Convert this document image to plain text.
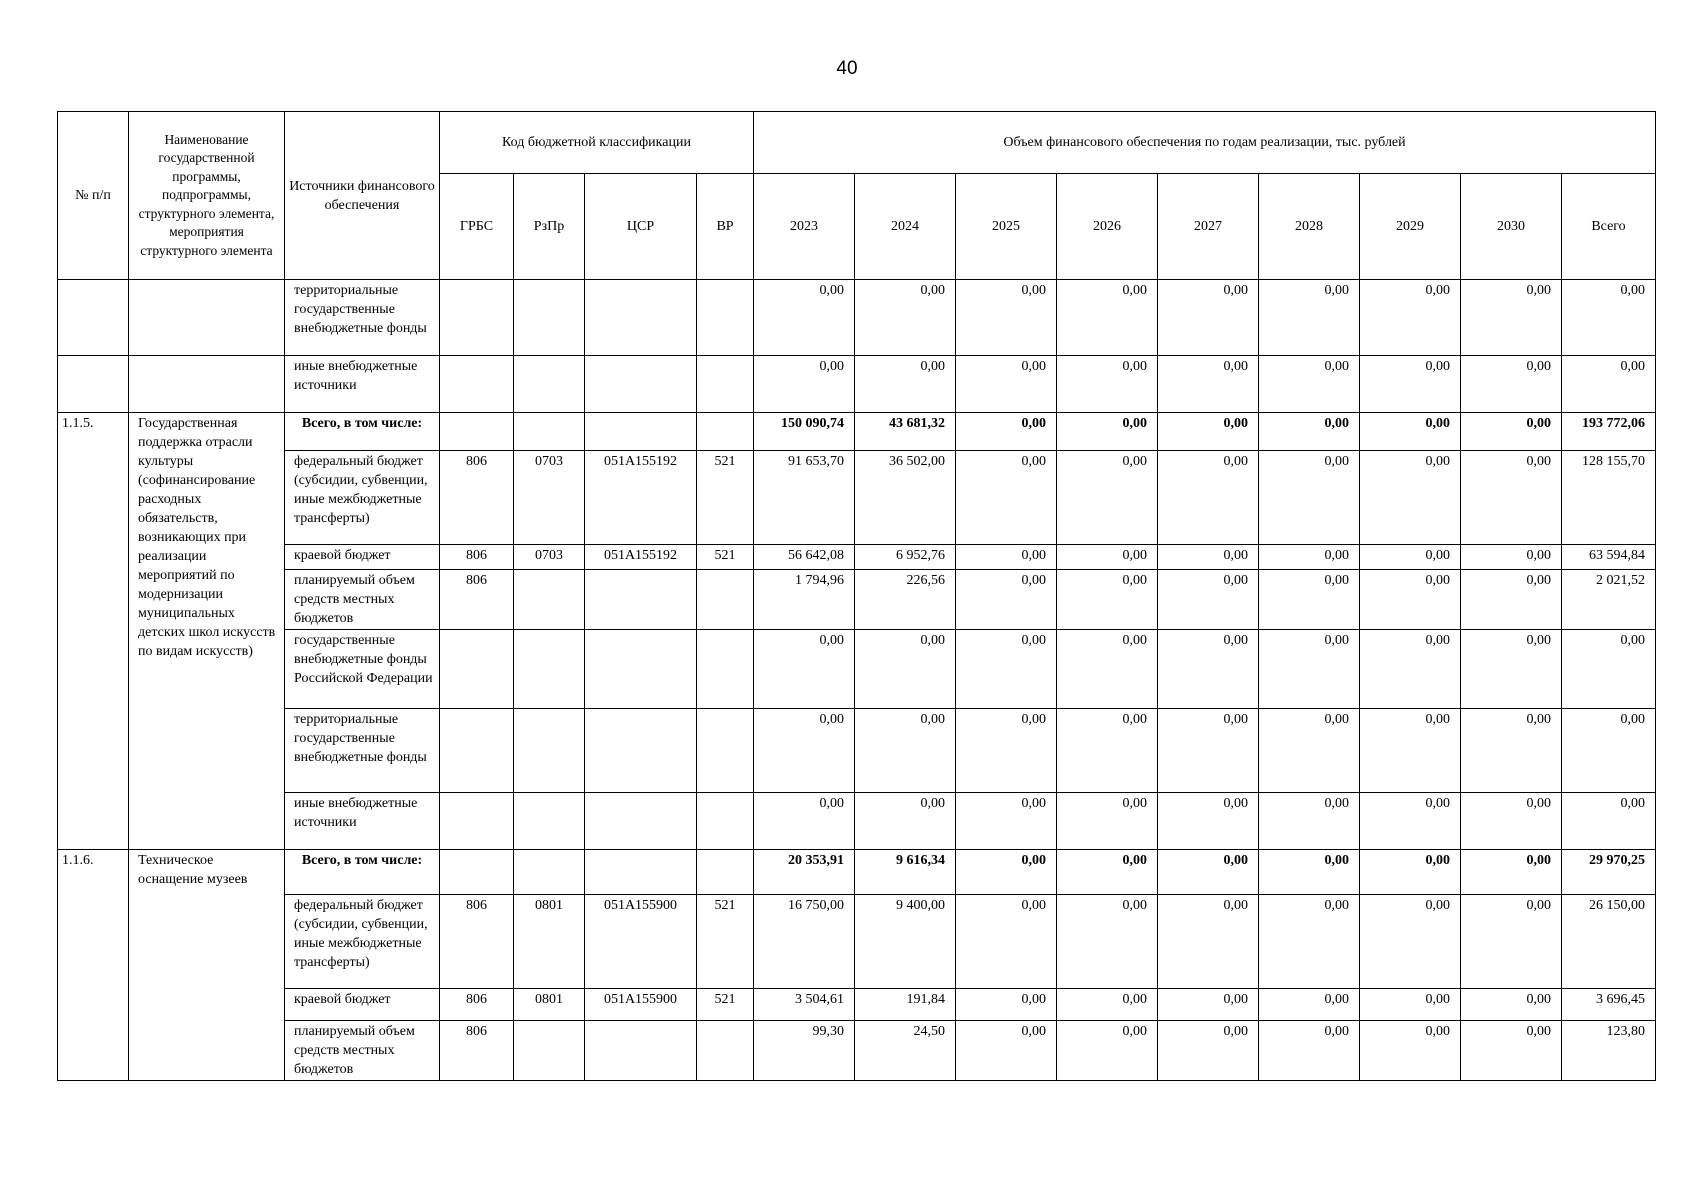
40
№ п/п	Наименование государственной программы, подпрограммы, структурного элемента, мероприятия структурного элемента	Источники финансового обеспечения	Код бюджетной классификации				Объем финансового обеспечения по годам реализации, тыс. рублей								
			ГРБС	РзПр	ЦСР	ВР	2023	2024	2025	2026	2027	2028	2029	2030	Всего
		территориальные государственные внебюджетные фонды					0,00	0,00	0,00	0,00	0,00	0,00	0,00	0,00	0,00
		иные внебюджетные источники					0,00	0,00	0,00	0,00	0,00	0,00	0,00	0,00	0,00
1.1.5.	Государственная поддержка отрасли культуры (софинансирование расходных обязательств, возникающих при реализации мероприятий по модернизации муниципальных детских школ искусств по видам искусств)	Всего, в том числе:					150 090,74	43 681,32	0,00	0,00	0,00	0,00	0,00	0,00	193 772,06
		федеральный бюджет (субсидии, субвенции, иные межбюджетные трансферты)	806	0703	051А155192	521	91 653,70	36 502,00	0,00	0,00	0,00	0,00	0,00	0,00	128 155,70
		краевой бюджет	806	0703	051А155192	521	56 642,08	6 952,76	0,00	0,00	0,00	0,00	0,00	0,00	63 594,84
		планируемый объем средств местных бюджетов	806				1 794,96	226,56	0,00	0,00	0,00	0,00	0,00	0,00	2 021,52
		государственные внебюджетные фонды Российской Федерации					0,00	0,00	0,00	0,00	0,00	0,00	0,00	0,00	0,00
		территориальные государственные внебюджетные фонды					0,00	0,00	0,00	0,00	0,00	0,00	0,00	0,00	0,00
		иные внебюджетные источники					0,00	0,00	0,00	0,00	0,00	0,00	0,00	0,00	0,00
1.1.6.	Техническое оснащение музеев	Всего, в том числе:					20 353,91	9 616,34	0,00	0,00	0,00	0,00	0,00	0,00	29 970,25
		федеральный бюджет (субсидии, субвенции, иные межбюджетные трансферты)	806	0801	051А155900	521	16 750,00	9 400,00	0,00	0,00	0,00	0,00	0,00	0,00	26 150,00
		краевой бюджет	806	0801	051А155900	521	3 504,61	191,84	0,00	0,00	0,00	0,00	0,00	0,00	3 696,45
		планируемый объем средств местных бюджетов	806				99,30	24,50	0,00	0,00	0,00	0,00	0,00	0,00	123,80
